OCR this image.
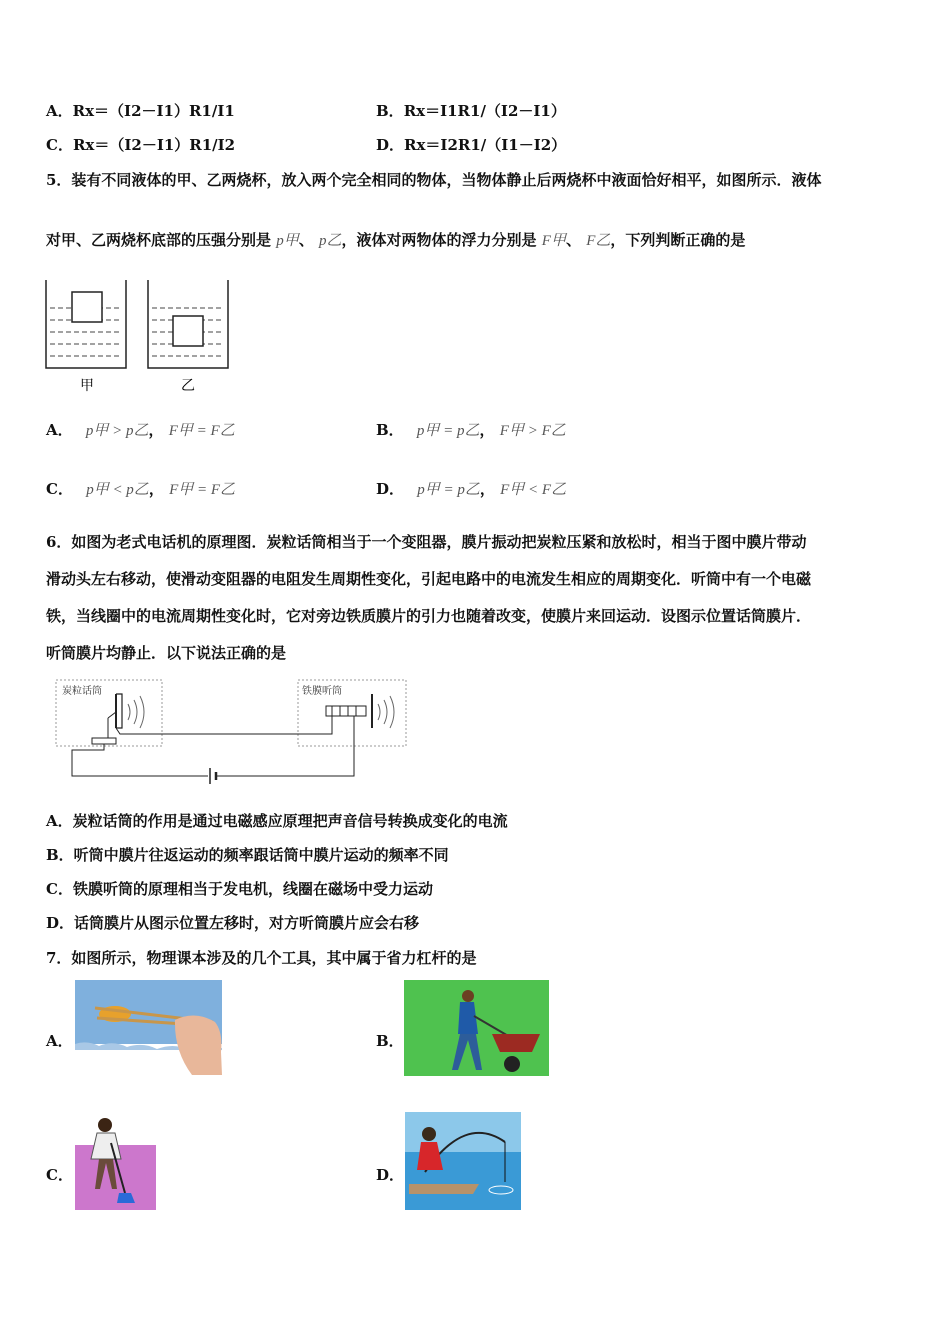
A．Rx＝（I2－I1）R1/I1	B．Rx＝I1R1/（I2－I1）
C．Rx＝（I2－I1）R1/I2	D．Rx＝I2R1/（I1－I2）
5．装有不同液体的甲、乙两烧杯，放入两个完全相同的物体，当物体静止后两烧杯中液面恰好相平，如图所示．液体
对甲、乙两烧杯底部的压强分别是 p甲、 p乙，液体对两物体的浮力分别是 F甲、 F乙，下列判断正确的是
甲	乙
A． p甲 > p乙， F甲 = F乙	B． p甲 = p乙， F甲 > F乙
C． p甲 < p乙， F甲 = F乙	D． p甲 = p乙， F甲 < F乙
6．如图为老式电话机的原理图．炭粒话筒相当于一个变阻器，膜片振动把炭粒压紧和放松时，相当于图中膜片带动
滑动头左右移动，使滑动变阻器的电阻发生周期性变化，引起电路中的电流发生相应的周期变化．听筒中有一个电磁
铁，当线圈中的电流周期性变化时，它对旁边铁质膜片的引力也随着改变，使膜片来回运动．设图示位置话筒膜片．
听筒膜片均静止．以下说法正确的是
炭粒话筒	铁膜听筒
A．炭粒话筒的作用是通过电磁感应原理把声音信号转换成变化的电流
B．听筒中膜片往返运动的频率跟话筒中膜片运动的频率不同
C．铁膜听筒的原理相当于发电机，线圈在磁场中受力运动
D．话筒膜片从图示位置左移时，对方听筒膜片应会右移
7．如图所示，物理课本涉及的几个工具，其中属于省力杠杆的是
A．	B．
C．	D．
